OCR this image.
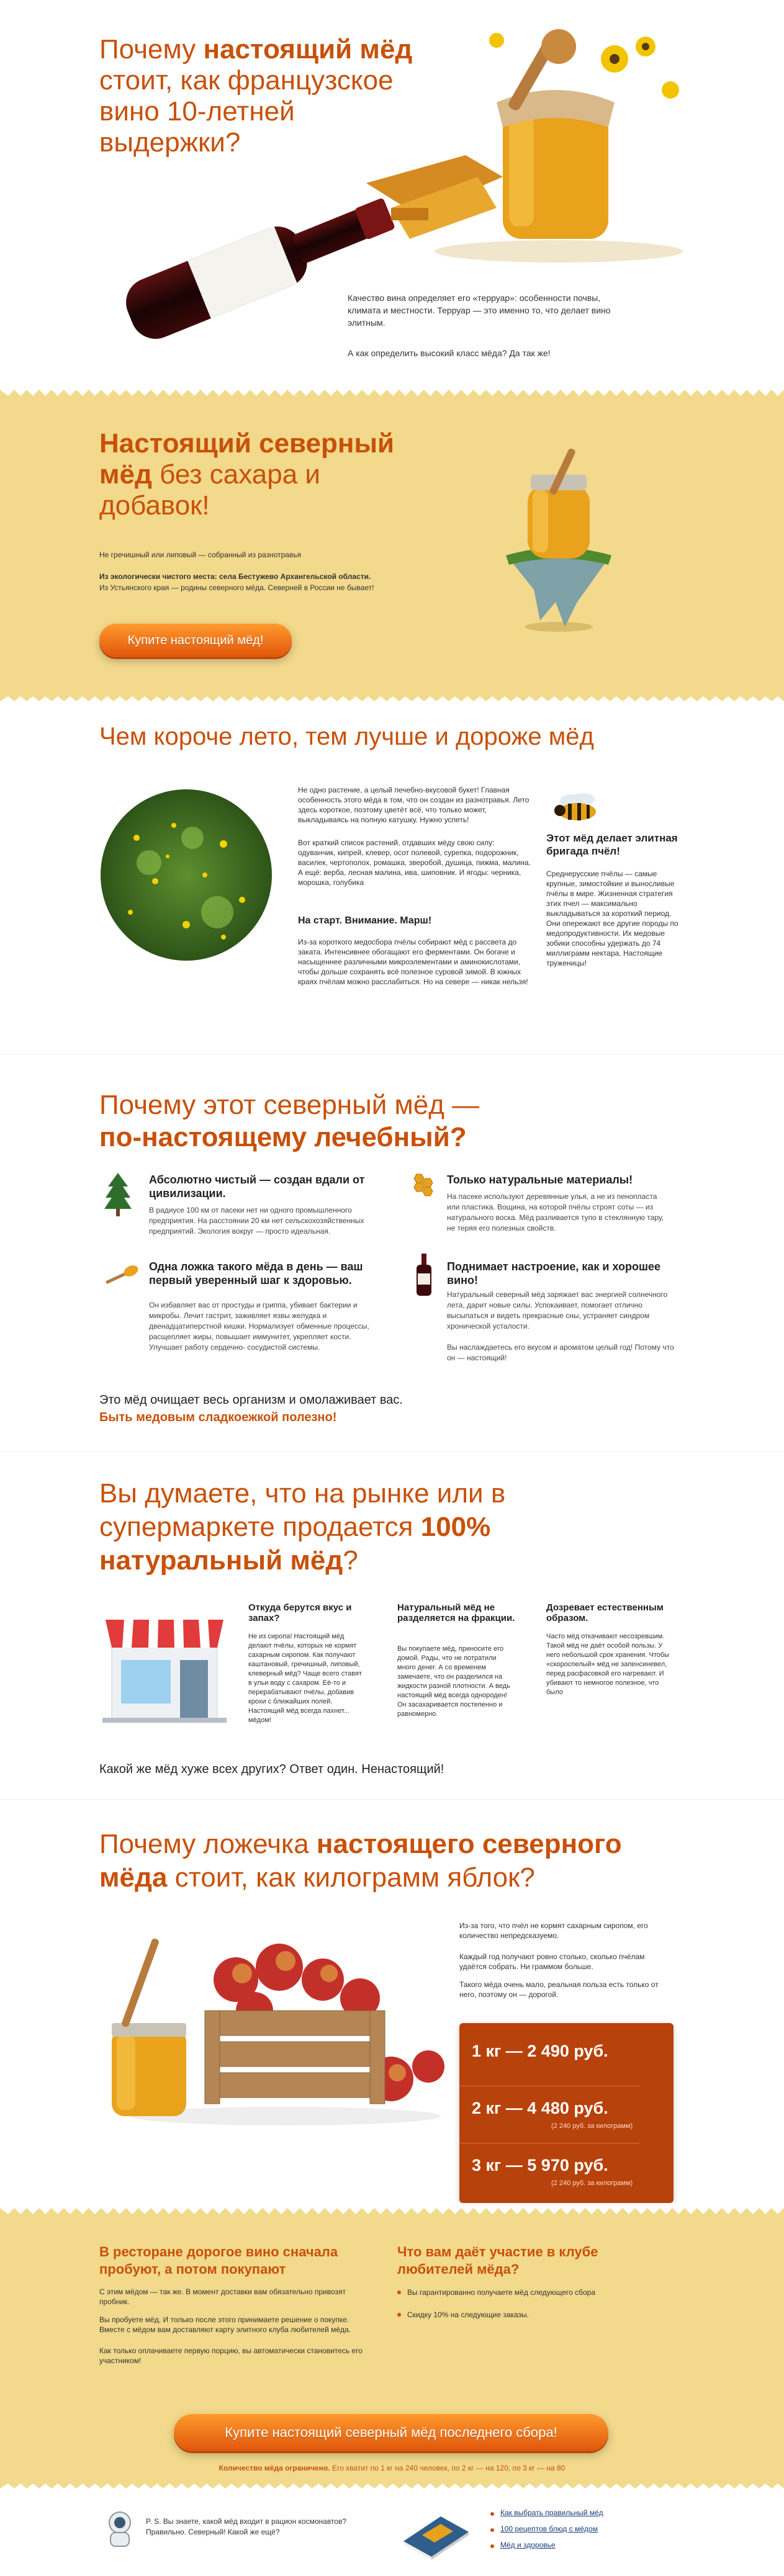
Почему настоящий мёд стоит, как французское вино 10-летней выдержки?

Качество вина определяет его «терруар»: особенности почвы, климата и местности. Терруар — это именно то, что делает вино элитным.

А как определить высокий класс мёда? Да так же!

Настоящий северный мёд без сахара и добавок!

Не гречишный или липовый — собранный из разнотравья

Из экологически чистого места: села Бестужево Архангельской области.

Из Устьянского края — родины северного мёда. Северней в России не бывает!

Купите настоящий мёд!
Чем короче лето, тем лучше и дороже мёд

Не одно растение, а целый печебно-вкусовой букет! Главная особенность этого мёда в том, что он создан из разнотравья. Лето здесь короткое, поэтому цветёт всё, что только может, выкладываясь на полную катушку. Нужно успеть!

Вот краткий список растений, отдавших мёду свою силу: одуванчик, кипрей, клевер, осот полевой, сурепка, подорожник, василек, чертополох, ромашка, зверобой, душица, пижма, малина. А ещё: верба, лесная малина, ива, шиповник. И ягоды: черника, морошка, голубика

На старт. Внимание. Марш!

Из-за короткого медосбора пчёлы собирают мёд с рассвета до заката. Интенсивнее обогащают его ферментами. Он богаче и насыщеннее различными микроэлементами и аминокислотами, чтобы дольше сохранять всё полезное суровой зимой. В южных краях пчёлам можно расслабиться. Но на севере — никак нельзя!

Этот мёд делает элитная бригада пчёл!

Среднерусские пчёлы — самые крупные, зимостойкие и выносливые пчёлы в мире. Жизненная стратегия этих пчел — максимально выкладываться за короткий период. Они опережают все другие породы по медопродуктивности. Их медовые зобики способны удержать до 74 миллиграмм нектара. Настоящие труженицы!

Почему этот северный мёд —
по-настоящему лечебный?

Абсолютно чистый — создан вдали от цивилизации.

В радиусе 100 км от пасеки нет ни одного промышленного предприятия. На расстоянии 20 км нет сельскохозяйственных предприятий. Экология вокруг — просто идеальная.

Только натуральные материалы!

На пасеке используют деревянные улья, а не из пенопласта или пластика. Вощина, на которой пчёлы строят соты — из натурального воска. Мёд разливается тупо в стеклянную тару, не теряя его полезных свойств.

Одна ложка такого мёда в день — ваш первый уверенный шаг к здоровью.

Он избавляет вас от простуды и гриппа, убивает бактерии и микробы. Лечит гастрит, заживляет язвы желудка и двенадцатиперстной кишки. Нормализует обменные процессы, расщепляет жиры, повышает иммунитет, укрепляет кости. Улучшает работу сердечно- сосудистой системы.

Поднимает настроение, как и хорошее вино!

Натуральный северный мёд заряжает вас энергией солнечного лета, дарит новые силы. Успокаивает, помогает отлично высыпаться и видеть прекрасные сны, устраняет синдром хронической усталости.

Вы наслаждаетесь его вкусом и ароматом целый год! Потому что он — настоящий!

Это мёд очищает весь организм и омолаживает вас.

Быть медовым сладкоежкой полезно!

Вы думаете, что на рынке или в супермаркете продается 100% натуральный мёд?

Откуда берутся вкус и запах?

Не из сиропа! Настоящий мёд делают пчёлы, которых не кормят сахарным сиропом. Как получают каштановый, гречишный, липовый, клеверный мёд? Чаще всего ставят в ульи воду с сахаром. Её-то и перерабатывают пчёлы, добавив крохи с ближайших полей. Настоящий мёд всегда пахнет... мёдом!

Натуральный мёд не разделяется на фракции.

Вы покупаете мёд, приносите его домой. Рады, что не потратили много денег. А со временем замечаете, что он разделился на жидкости разной плотности. А ведь настоящий мёд всегда однороден! Он засахаривается постепенно и равномерно.

Дозревает естественным образом.

Часто мёд откачивают несозревшим. Такой мёд не даёт особой пользы. У него небольшой срок хранения. Чтобы «скороспелый» мёд не запенсиневел, перед расфасовкой его нагревают. И убивают то немногое полезное, что было

Какой же мёд хуже всех других? Ответ один. Ненастоящий!

Почему ложечка настоящего северного мёда стоит, как килограмм яблок?

Из-за того, что пчёл не кормят сахарным сиропом, его количество непредсказуемо.

Каждый год получают ровно столько, сколько пчёлам удаётся собрать. Ни граммом больше.

Такого мёда очень мало, реальная польза есть только от него, поэтому он — дорогой.

1 кг — 2 490 руб.
2 кг — 4 480 руб.
(2 240 руб. за килограмм)
3 кг — 5 970 руб.
(2 240 руб. за килограмм)

В ресторане дорогое вино сначала пробуют, а потом покупают

С этим мёдом — так же. В момент доставки вам обязательно привозят пробник.

Вы пробуете мёд. И только после этого принимаете решение о покупке. Вместе с мёдом вам доставляют карту элитного клуба любителей мёда.

Как только оплачиваете первую порцию, вы автоматически становитесь его участником!

Что вам даёт участие в клубе любителей мёда?

Вы гарантированно получаете мёд следующего сбора
Скидку 10% на следующие заказы.
Купите настоящий северный мёд последнего сбора!

Количество мёда ограничено. Его хватит по 1 кг на 240 человек, по 2 кг — на 120, по 3 кг — на 80

P. S. Вы знаете, какой мёд входит в рацион космонавтов? Правильно. Северный! Какой же ещё?

Как выбрать правильный мёд
100 рецептов блюд с мёдом
Мёд и здоровье
